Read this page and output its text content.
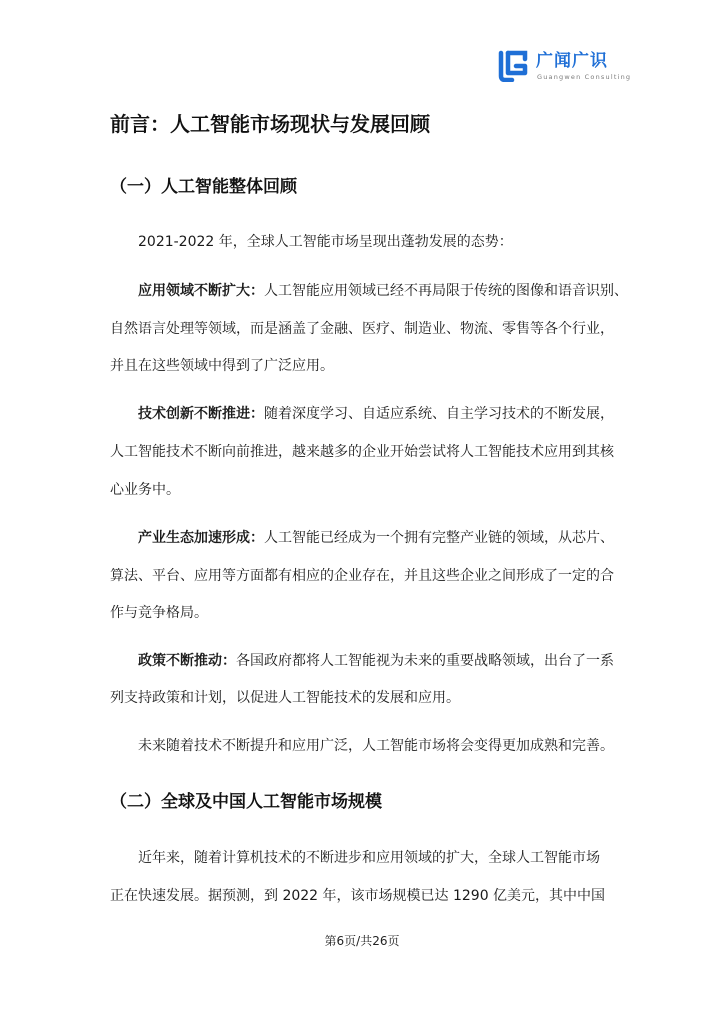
广闻广识
Guangwen Consulting
前言：人工智能市场现状与发展回顾
（一）人工智能整体回顾
2021-2022 年，全球人工智能市场呈现出蓬勃发展的态势：
应用领域不断扩大：人工智能应用领域已经不再局限于传统的图像和语音识别、
自然语言处理等领域，而是涵盖了金融、医疗、制造业、物流、零售等各个行业，
并且在这些领域中得到了广泛应用。
技术创新不断推进：随着深度学习、自适应系统、自主学习技术的不断发展，
人工智能技术不断向前推进，越来越多的企业开始尝试将人工智能技术应用到其核
心业务中。
产业生态加速形成：人工智能已经成为一个拥有完整产业链的领域，从芯片、
算法、平台、应用等方面都有相应的企业存在，并且这些企业之间形成了一定的合
作与竞争格局。
政策不断推动：各国政府都将人工智能视为未来的重要战略领域，出台了一系
列支持政策和计划，以促进人工智能技术的发展和应用。
未来随着技术不断提升和应用广泛，人工智能市场将会变得更加成熟和完善。
（二）全球及中国人工智能市场规模
近年来，随着计算机技术的不断进步和应用领域的扩大，全球人工智能市场
正在快速发展。据预测，到 2022 年，该市场规模已达 1290 亿美元，其中中国
第6页/共26页
